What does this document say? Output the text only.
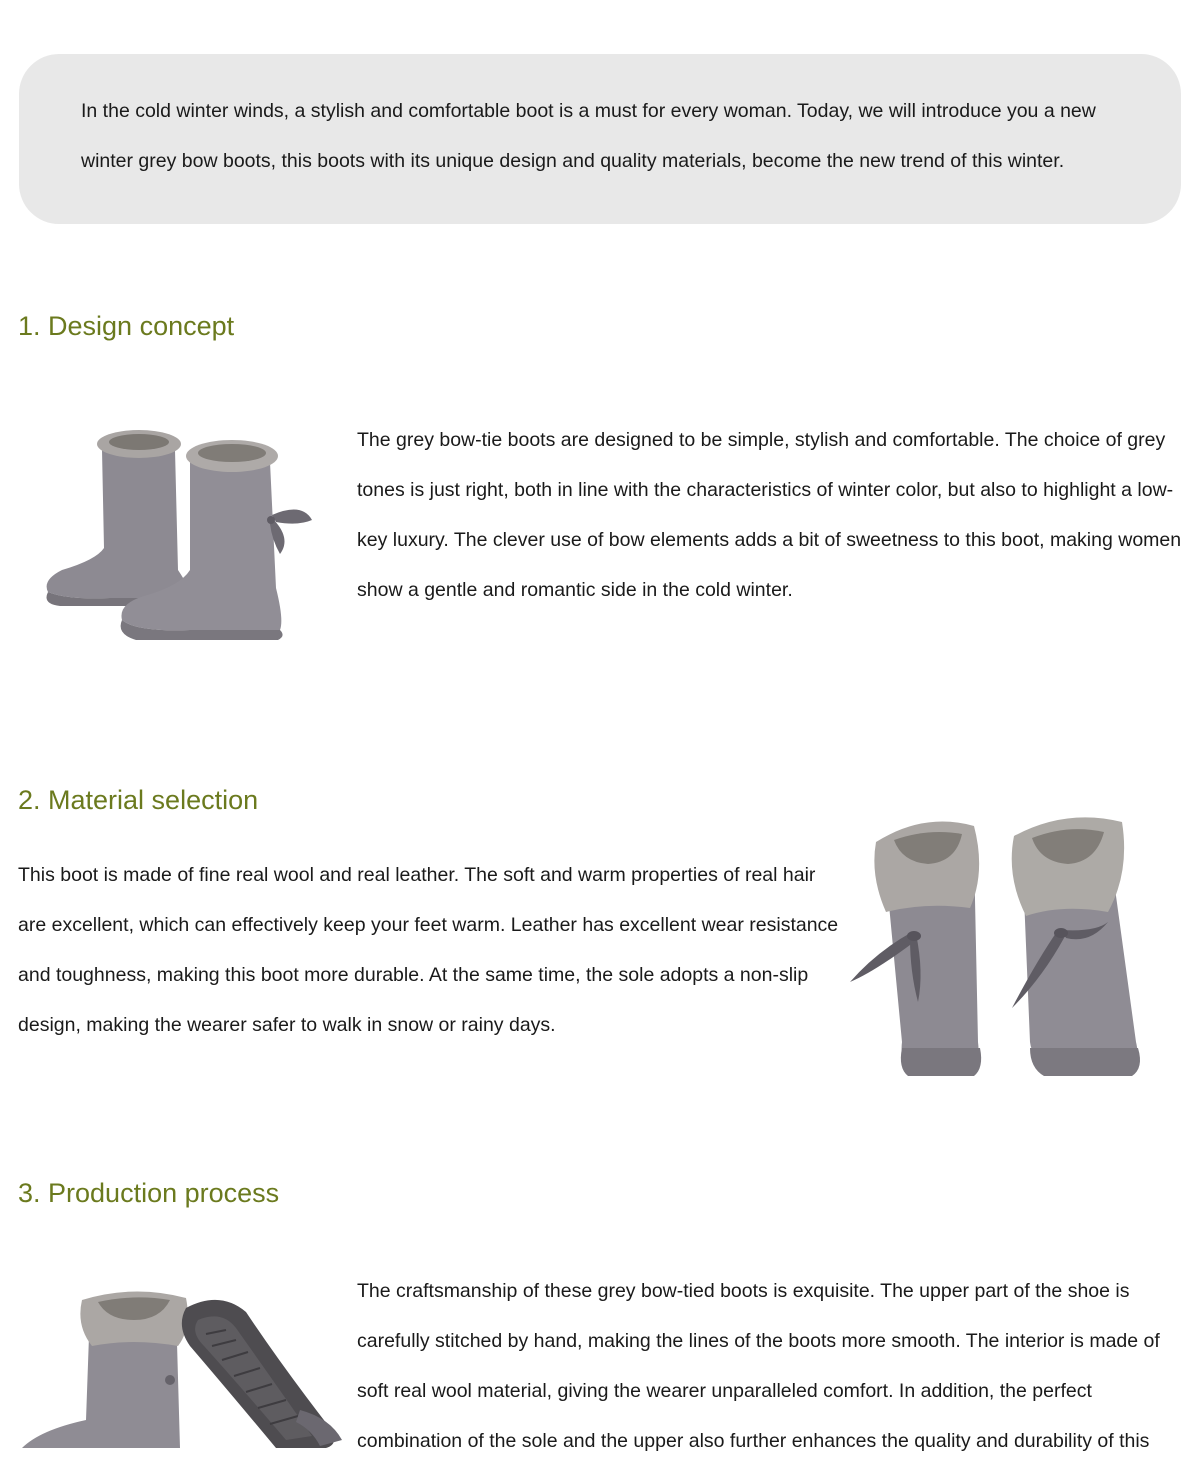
In the cold winter winds, a stylish and comfortable boot is a must for every woman. Today, we will introduce you a new winter grey bow boots, this boots with its unique design and quality materials, become the new trend of this winter.

1. Design concept

The grey bow-tie boots are designed to be simple, stylish and comfortable. The choice of grey tones is just right, both in line with the characteristics of winter color, but also to highlight a low-key luxury. The clever use of bow elements adds a bit of sweetness to this boot, making women show a gentle and romantic side in the cold winter.

2. Material selection

This boot is made of fine real wool and real leather. The soft and warm properties of real hair are excellent, which can effectively keep your feet warm. Leather has excellent wear resistance and toughness, making this boot more durable. At the same time, the sole adopts a non-slip design, making the wearer safer to walk in snow or rainy days.

3. Production process

The craftsmanship of these grey bow-tied boots is exquisite. The upper part of the shoe is carefully stitched by hand, making the lines of the boots more smooth. The interior is made of soft real wool material, giving the wearer unparalleled comfort. In addition, the perfect combination of the sole and the upper also further enhances the quality and durability of this
